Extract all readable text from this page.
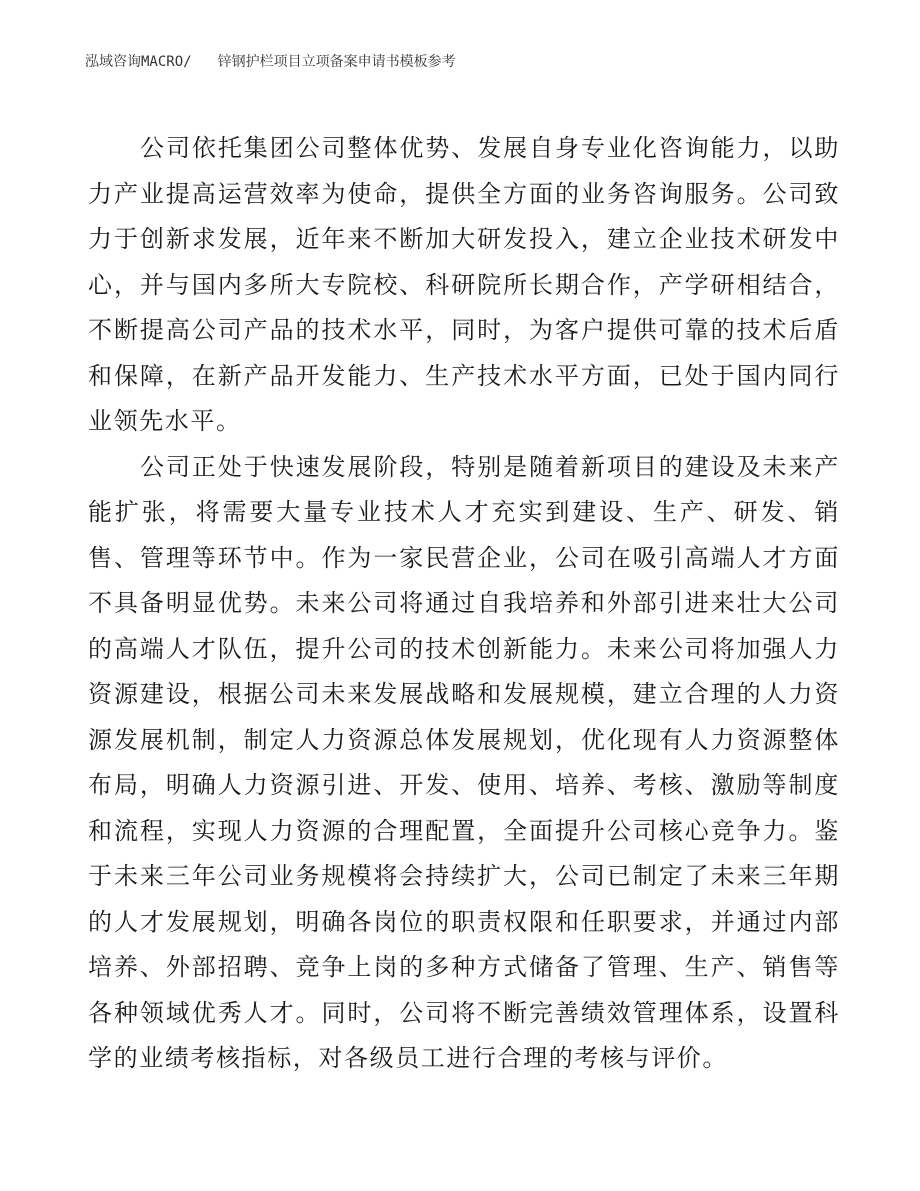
泓域咨询MACRO/ 锌钢护栏项目立项备案申请书模板参考

公司依托集团公司整体优势、发展自身专业化咨询能力，以助力产业提高运营效率为使命，提供全方面的业务咨询服务。公司致力于创新求发展，近年来不断加大研发投入，建立企业技术研发中心，并与国内多所大专院校、科研院所长期合作，产学研相结合，不断提高公司产品的技术水平，同时，为客户提供可靠的技术后盾和保障，在新产品开发能力、生产技术水平方面，已处于国内同行业领先水平。

公司正处于快速发展阶段，特别是随着新项目的建设及未来产能扩张，将需要大量专业技术人才充实到建设、生产、研发、销售、管理等环节中。作为一家民营企业，公司在吸引高端人才方面不具备明显优势。未来公司将通过自我培养和外部引进来壮大公司的高端人才队伍，提升公司的技术创新能力。未来公司将加强人力资源建设，根据公司未来发展战略和发展规模，建立合理的人力资源发展机制，制定人力资源总体发展规划，优化现有人力资源整体布局，明确人力资源引进、开发、使用、培养、考核、激励等制度和流程，实现人力资源的合理配置，全面提升公司核心竞争力。鉴于未来三年公司业务规模将会持续扩大，公司已制定了未来三年期的人才发展规划，明确各岗位的职责权限和任职要求，并通过内部培养、外部招聘、竞争上岗的多种方式储备了管理、生产、销售等各种领域优秀人才。同时，公司将不断完善绩效管理体系，设置科学的业绩考核指标，对各级员工进行合理的考核与评价。
